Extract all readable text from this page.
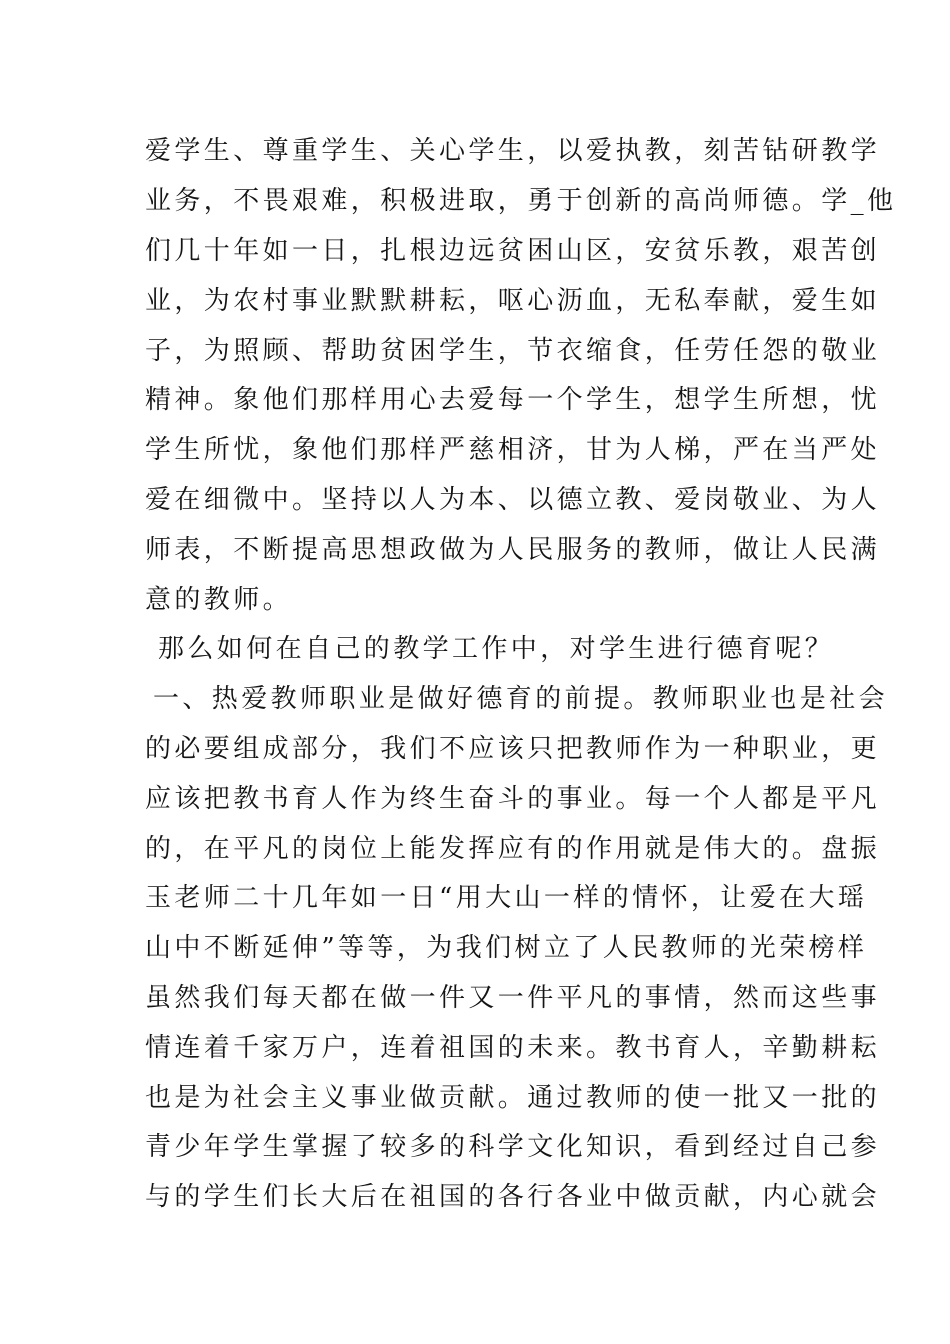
爱学生、尊重学生、关心学生，以爱执教，刻苦钻研教学
业务，不畏艰难，积极进取，勇于创新的高尚师德。学_他
们几十年如一日，扎根边远贫困山区，安贫乐教，艰苦创
业，为农村事业默默耕耘，呕心沥血，无私奉献，爱生如
子，为照顾、帮助贫困学生，节衣缩食，任劳任怨的敬业
精神。象他们那样用心去爱每一个学生，想学生所想，忧
学生所忧，象他们那样严慈相济，甘为人梯，严在当严处
爱在细微中。坚持以人为本、以德立教、爱岗敬业、为人
师表，不断提高思想政做为人民服务的教师，做让人民满
意的教师。
那么如何在自己的教学工作中，对学生进行德育呢？
一、热爱教师职业是做好德育的前提。教师职业也是社会
的必要组成部分，我们不应该只把教师作为一种职业，更
应该把教书育人作为终生奋斗的事业。每一个人都是平凡
的，在平凡的岗位上能发挥应有的作用就是伟大的。盘振
玉老师二十几年如一日“用大山一样的情怀，让爱在大瑶
山中不断延伸”等等，为我们树立了人民教师的光荣榜样
虽然我们每天都在做一件又一件平凡的事情，然而这些事
情连着千家万户，连着祖国的未来。教书育人，辛勤耕耘
也是为社会主义事业做贡献。通过教师的使一批又一批的
青少年学生掌握了较多的科学文化知识，看到经过自己参
与的学生们长大后在祖国的各行各业中做贡献，内心就会
